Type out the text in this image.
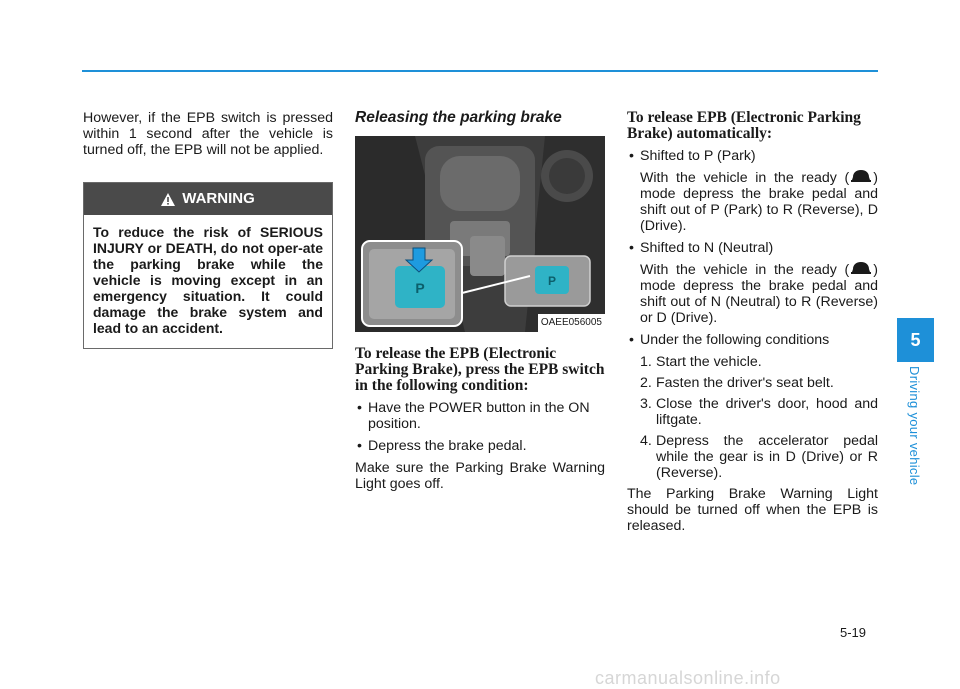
However, if the EPB switch is pressed within 1 second after the vehicle is turned off, the EPB will not be applied.

WARNING
To reduce the risk of SERIOUS INJURY or DEATH, do not oper-ate the parking brake while the vehicle is moving except in an emergency situation. It could damage the brake system and lead to an accident.

Releasing the parking brake

P
P
OAEE056005

To release the EPB (Electronic Parking Brake), press the EPB switch in the following condition:

• Have the POWER button in the ON position.
• Depress the brake pedal.

Make sure the Parking Brake Warning Light goes off.

To release EPB (Electronic Parking Brake) automatically:

• Shifted to P (Park)
With the vehicle in the ready ( ) mode depress the brake pedal and shift out of P (Park) to R (Reverse), D (Drive).
• Shifted to N (Neutral)
With the vehicle in the ready ( ) mode depress the brake pedal and shift out of N (Neutral) to R (Reverse) or D (Drive).
• Under the following conditions
1. Start the vehicle.
2. Fasten the driver's seat belt.
3. Close the driver's door, hood and liftgate.
4. Depress the accelerator pedal while the gear is in D (Drive) or R (Reverse).

The Parking Brake Warning Light should be turned off when the EPB is released.

5
Driving your vehicle
5-19
carmanualsonline.info
